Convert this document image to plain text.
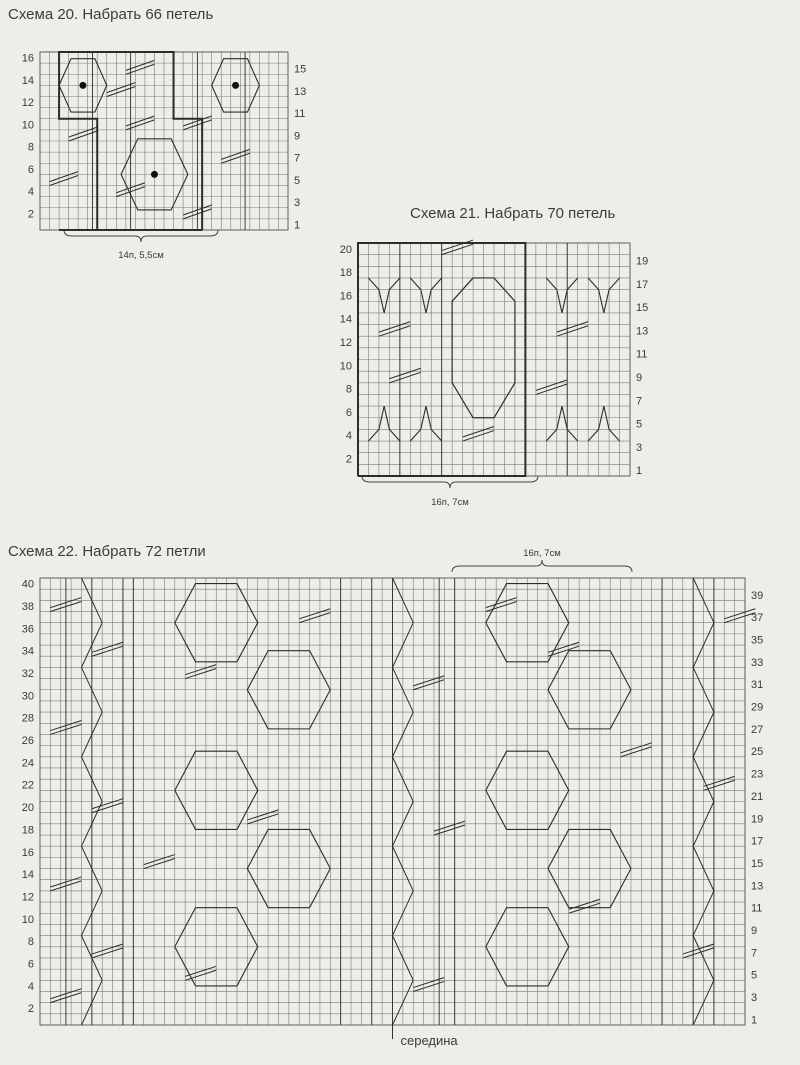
Схема 20. Набрать 66 петель
Схема 21. Набрать 70 петель
Схема 22. Набрать 72 петли
2
4
6
8
10
12
14
16
1
3
5
7
9
11
13
15
14п, 5,5см
2
4
6
8
10
12
14
16
18
20
1
3
5
7
9
11
13
15
17
19
16п, 7см
2
4
6
8
10
12
14
16
18
20
22
24
26
28
30
32
34
36
38
40
1
3
5
7
9
11
13
15
17
19
21
23
25
27
29
31
33
35
37
39
16п, 7см
середина
